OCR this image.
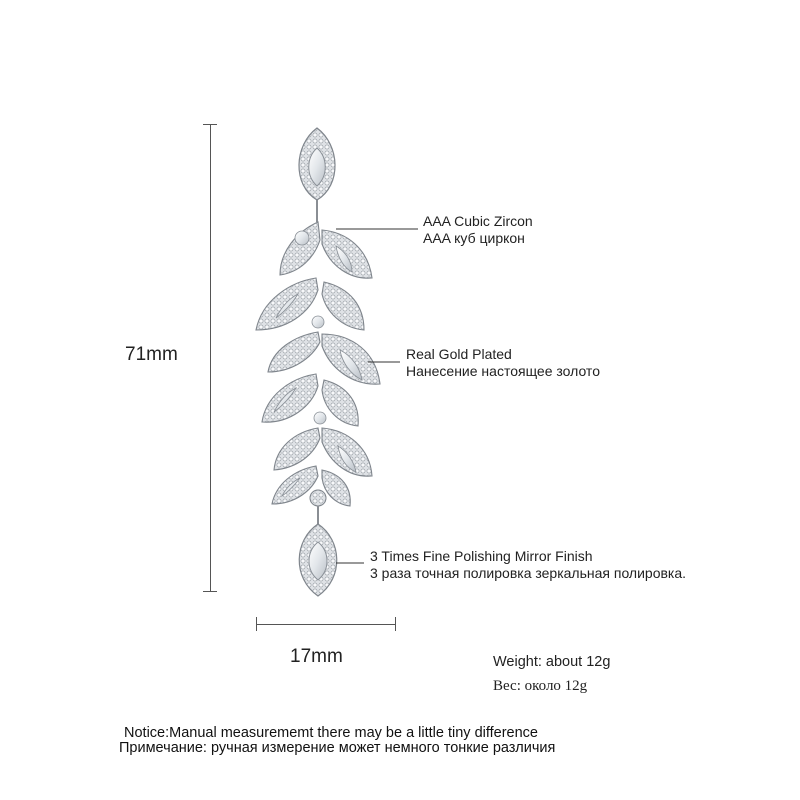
71mm
17mm
AAA Cubic Zircon
AAA куб циркон
Real Gold Plated
Нанесение настоящее золото
3 Times Fine Polishing Mirror Finish
3 раза точная полировка зеркальная полировка.
Weight: about 12g
Вес: около 12g
Notice:Manual measurememt there may be a little tiny difference
Примечание: ручная измерение может немного тонкие различия
